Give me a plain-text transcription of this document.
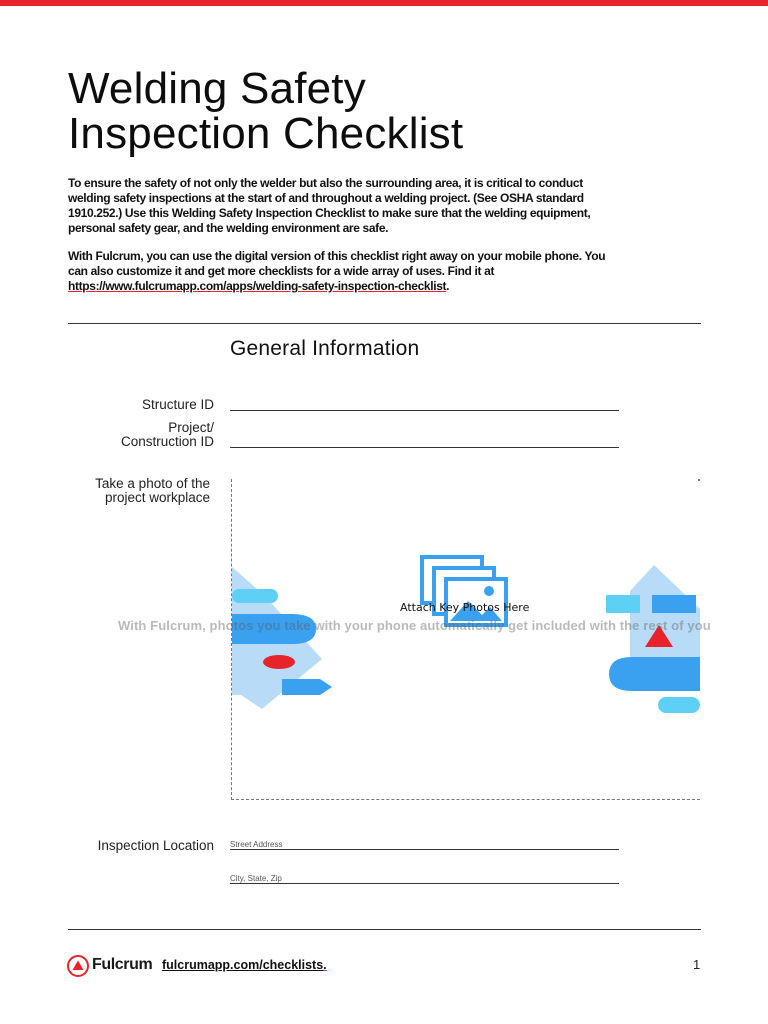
Welding Safety
Inspection Checklist

To ensure the safety of not only the welder but also the surrounding area, it is critical to conduct welding safety inspections at the start of and throughout a welding project. (See OSHA standard 1910.252.) Use this Welding Safety Inspection Checklist to make sure that the welding equipment, personal safety gear, and the welding environment are safe.

With Fulcrum, you can use the digital version of this checklist right away on your mobile phone. You can also customize it and get more checklists for a wide array of uses. Find it at https://www.fulcrumapp.com/apps/welding-safety-inspection-checklist.

General Information
Structure ID
Project/
Construction ID
Take a photo of the
project workplace
Attach Key Photos Here
With Fulcrum, photos you take with your phone automatically get included with the rest of you
Inspection Location Street Address
City, State, Zip
Fulcrum fulcrumapp.com/checklists.	1
